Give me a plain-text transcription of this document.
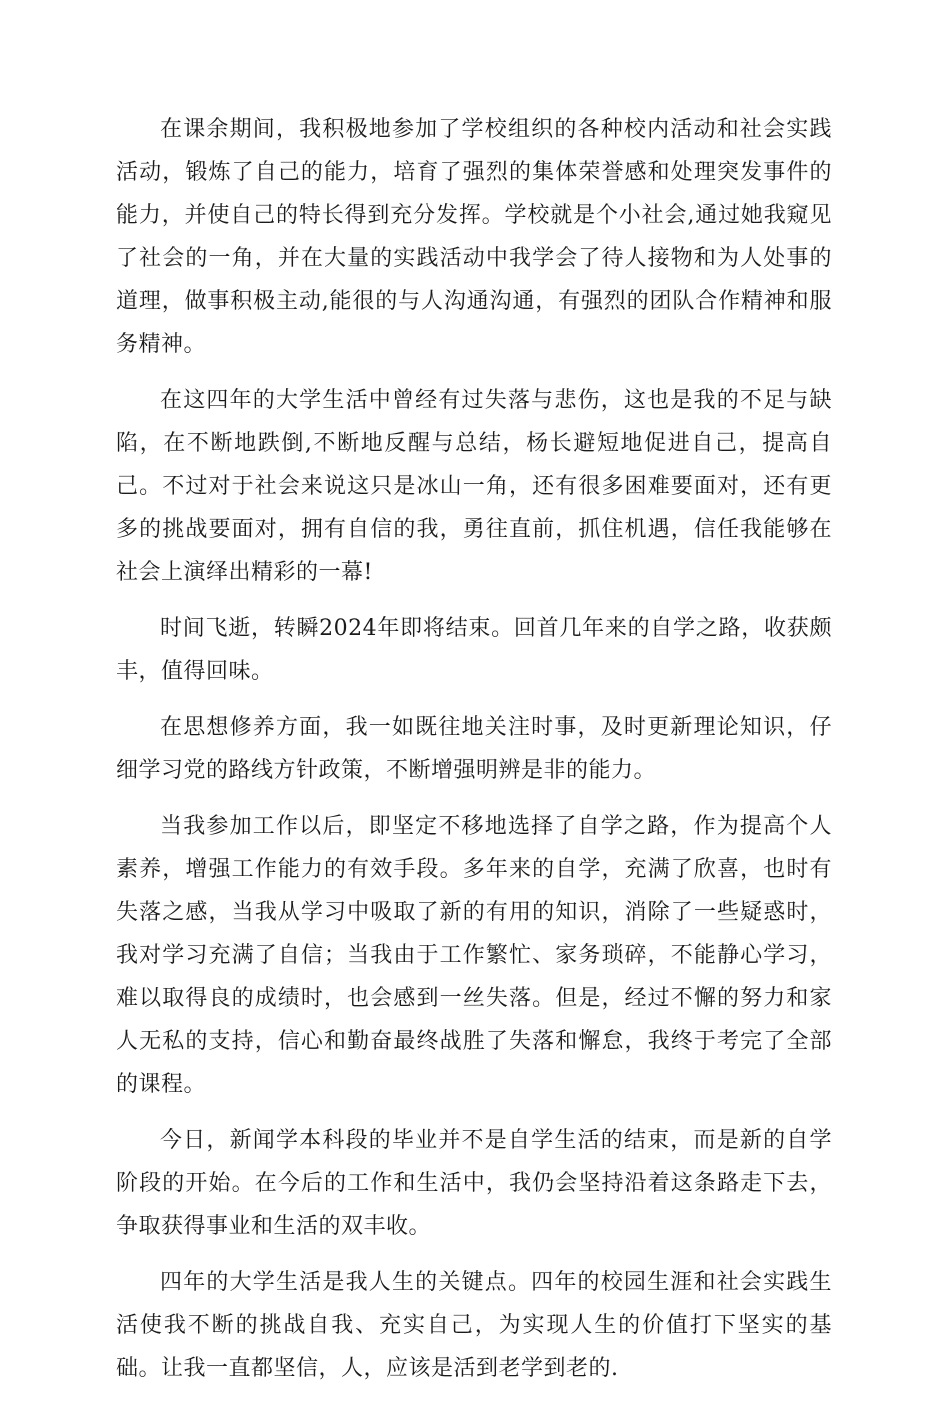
在课余期间，我积极地参加了学校组织的各种校内活动和社会实践活动，锻炼了自己的能力，培育了强烈的集体荣誉感和处理突发事件的能力，并使自己的特长得到充分发挥。学校就是个小社会,通过她我窥见了社会的一角，并在大量的实践活动中我学会了待人接物和为人处事的道理，做事积极主动,能很的与人沟通沟通，有强烈的团队合作精神和服务精神。

在这四年的大学生活中曾经有过失落与悲伤，这也是我的不足与缺陷，在不断地跌倒,不断地反醒与总结，杨长避短地促进自己，提高自己。不过对于社会来说这只是冰山一角，还有很多困难要面对，还有更多的挑战要面对，拥有自信的我，勇往直前，抓住机遇，信任我能够在社会上演绎出精彩的一幕!

时间飞逝，转瞬2024年即将结束。回首几年来的自学之路，收获颇丰，值得回味。

在思想修养方面，我一如既往地关注时事，及时更新理论知识，仔细学习党的路线方针政策，不断增强明辨是非的能力。

当我参加工作以后，即坚定不移地选择了自学之路，作为提高个人素养，增强工作能力的有效手段。多年来的自学，充满了欣喜，也时有失落之感，当我从学习中吸取了新的有用的知识，消除了一些疑惑时，我对学习充满了自信；当我由于工作繁忙、家务琐碎，不能静心学习，难以取得良的成绩时，也会感到一丝失落。但是，经过不懈的努力和家人无私的支持，信心和勤奋最终战胜了失落和懈怠，我终于考完了全部的课程。

今日，新闻学本科段的毕业并不是自学生活的结束，而是新的自学阶段的开始。在今后的工作和生活中，我仍会坚持沿着这条路走下去，争取获得事业和生活的双丰收。

四年的大学生活是我人生的关键点。四年的校园生涯和社会实践生活使我不断的挑战自我、充实自己，为实现人生的价值打下坚实的基础。让我一直都坚信，人，应该是活到老学到老的.
